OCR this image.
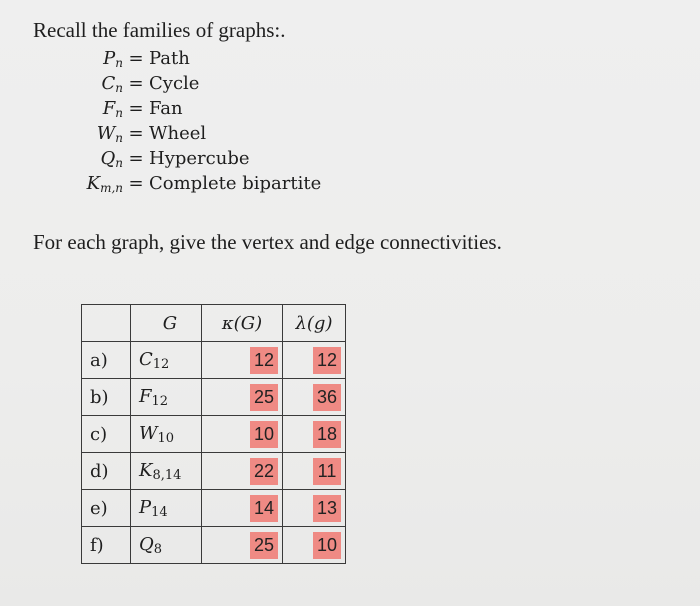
Recall the families of graphs:.
$P_n$ = Path
$C_n$ = Cycle
$F_n$ = Fan
$W_n$ = Wheel
$Q_n$ = Hypercube
$K_{m,n}$ = Complete bipartite

For each graph, give the vertex and edge connectivities.

	G	κ(G)	λ(g)
a)	$C_{12}$	12	12
b)	$F_{12}$	25	36
c)	$W_{10}$	10	18
d)	$K_{8,14}$	22	11
e)	$P_{14}$	14	13
f)	$Q_8$	25	10
